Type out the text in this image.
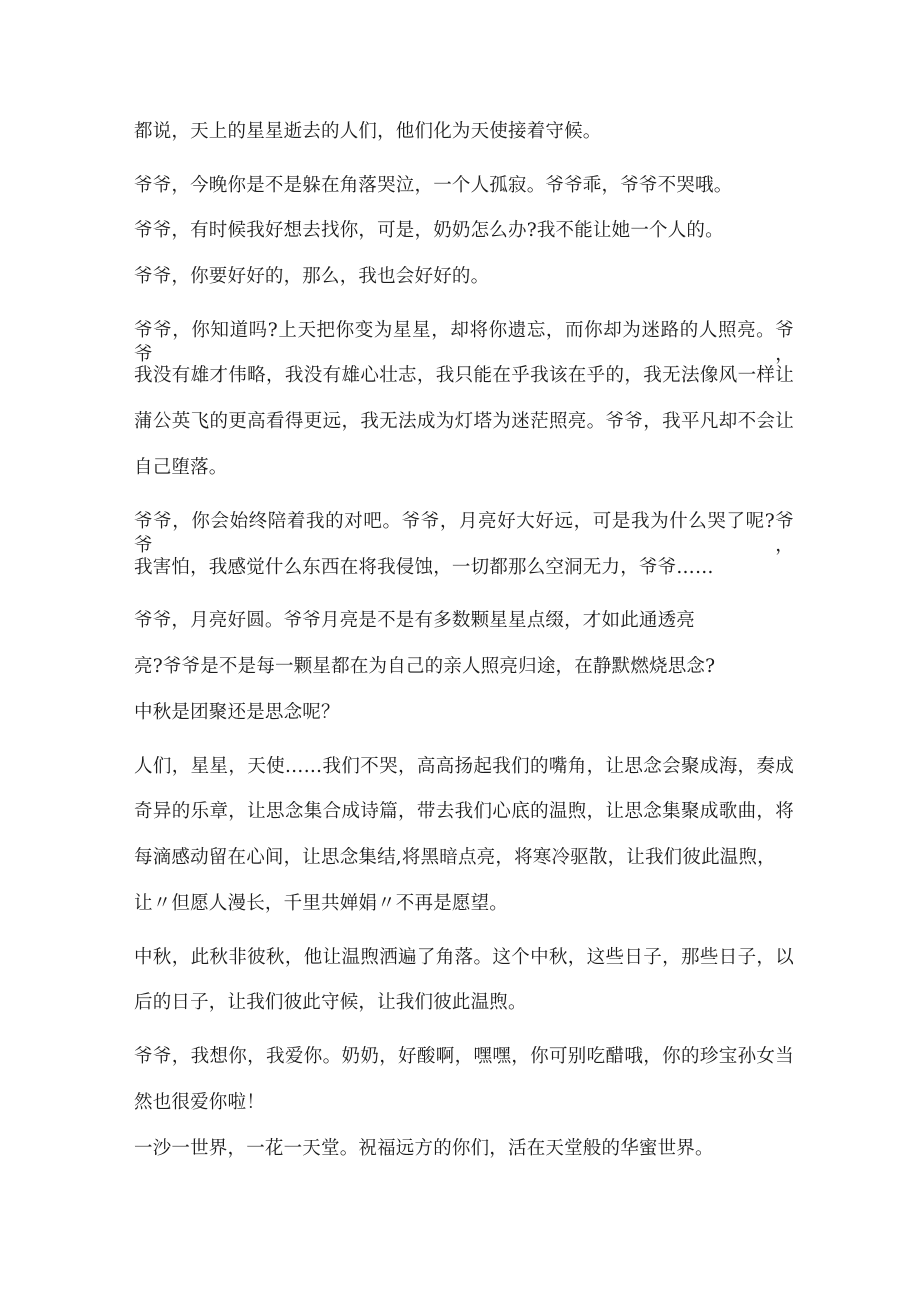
都说，天上的星星逝去的人们，他们化为天使接着守候。
爷爷，今晚你是不是躲在角落哭泣，一个人孤寂。爷爷乖，爷爷不哭哦。
爷爷，有时候我好想去找你，可是，奶奶怎么办?我不能让她一个人的。
爷爷，你要好好的，那么，我也会好好的。
爷爷，你知道吗?上天把你变为星星，却将你遗忘，而你却为迷路的人照亮。爷爷，
我没有雄才伟略，我没有雄心壮志，我只能在乎我该在乎的，我无法像风一样让
蒲公英飞的更高看得更远，我无法成为灯塔为迷茫照亮。爷爷，我平凡却不会让
自己堕落。
爷爷，你会始终陪着我的对吧。爷爷，月亮好大好远，可是我为什么哭了呢?爷爷，
我害怕，我感觉什么东西在将我侵蚀，一切都那么空洞无力，爷爷……
爷爷，月亮好圆。爷爷月亮是不是有多数颗星星点缀，才如此通透亮
亮?爷爷是不是每一颗星都在为自己的亲人照亮归途，在静默燃烧思念?
中秋是团聚还是思念呢？
人们，星星，天使……我们不哭，高高扬起我们的嘴角，让思念会聚成海，奏成
奇异的乐章，让思念集合成诗篇，带去我们心底的温煦，让思念集聚成歌曲，将
每滴感动留在心间，让思念集结,将黑暗点亮，将寒冷驱散，让我们彼此温煦，
让〃但愿人漫长，千里共婵娟〃不再是愿望。
中秋，此秋非彼秋，他让温煦洒遍了角落。这个中秋，这些日子，那些日子，以
后的日子，让我们彼此守候，让我们彼此温煦。
爷爷，我想你，我爱你。奶奶，好酸啊，嘿嘿，你可别吃醋哦，你的珍宝孙女当
然也很爱你啦！
一沙一世界，一花一天堂。祝福远方的你们，活在天堂般的华蜜世界。
